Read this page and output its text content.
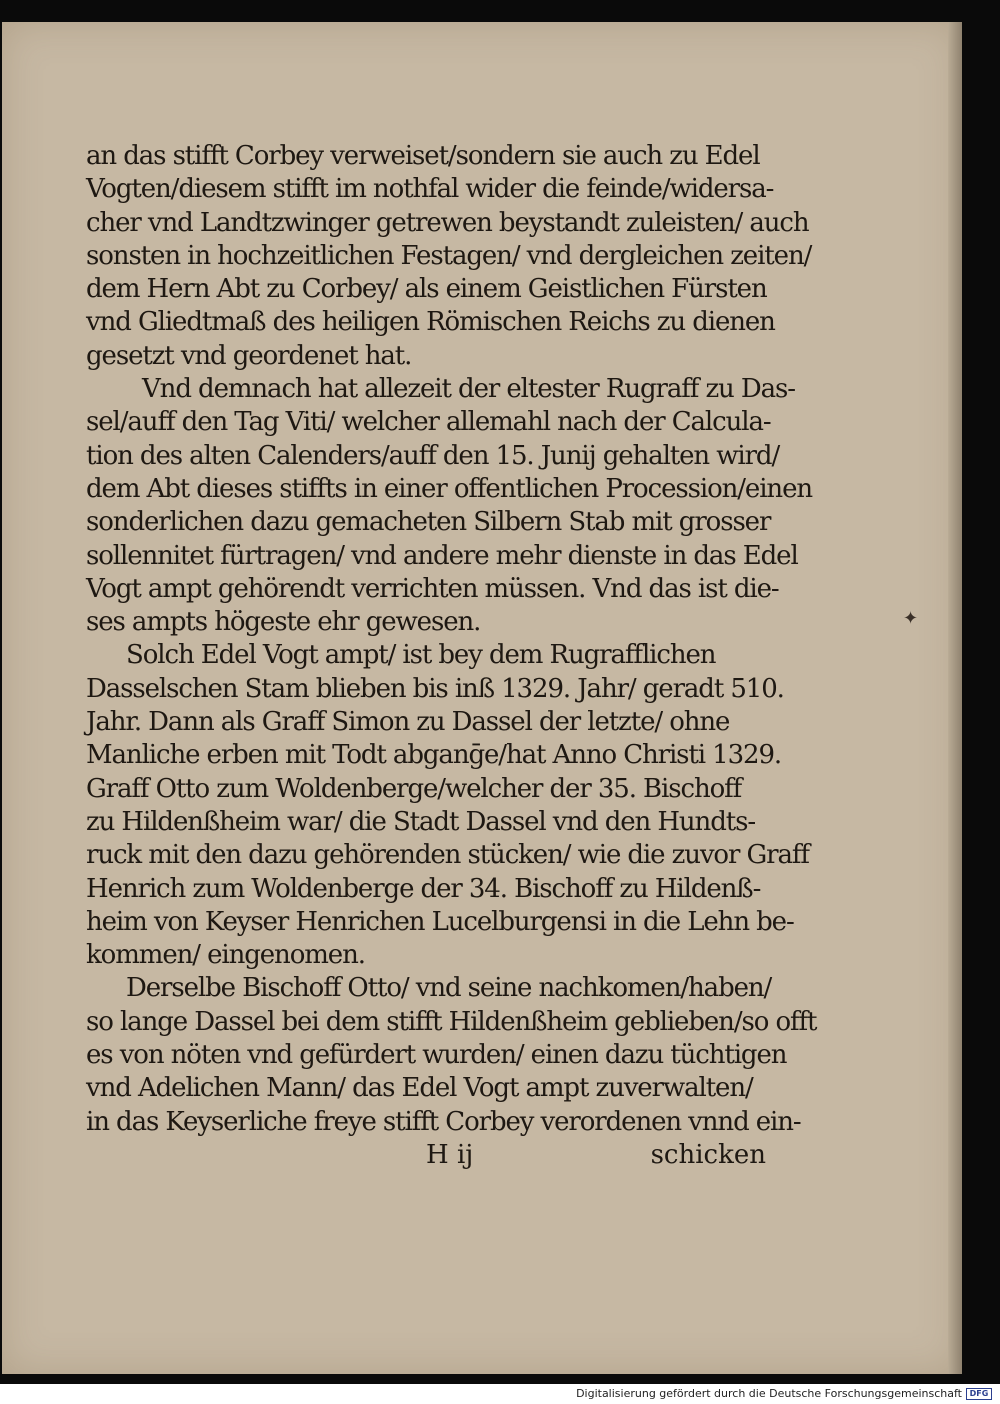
an das stifft Corbey verweiset/sondern sie auch zu Edel
Vogten/diesem stifft im nothfal wider die feinde/widersa-
cher vnd Landtzwinger getrewen beystandt zuleisten/ auch
sonsten in hochzeitlichen Festagen/ vnd dergleichen zeiten/
dem Hern Abt zu Corbey/ als einem Geistlichen Fürsten
vnd Gliedtmaß des heiligen Römischen Reichs zu dienen
gesetzt vnd geordenet hat.
Vnd demnach hat allezeit der eltester Rugraff zu Das-
sel/auff den Tag Viti/ welcher allemahl nach der Calcula-
tion des alten Calenders/auff den 15. Junij gehalten wird/
dem Abt dieses stiffts in einer offentlichen Procession/einen
sonderlichen dazu gemacheten Silbern Stab mit grosser
sollennitet fürtragen/ vnd andere mehr dienste in das Edel
Vogt ampt gehörendt verrichten müssen. Vnd das ist die-
ses ampts högeste ehr gewesen.
Solch Edel Vogt ampt/ ist bey dem Rugrafflichen
Dasselschen Stam blieben bis inß 1329. Jahr/ geradt 510.
Jahr. Dann als Graff Simon zu Dassel der letzte/ ohne
Manliche erben mit Todt abganḡe/hat Anno Christi 1329.
Graff Otto zum Woldenberge/welcher der 35. Bischoff
zu Hildenßheim war/ die Stadt Dassel vnd den Hundts-
ruck mit den dazu gehörenden stücken/ wie die zuvor Graff
Henrich zum Woldenberge der 34. Bischoff zu Hildenß-
heim von Keyser Henrichen Lucelburgensi in die Lehn be-
kommen/ eingenomen.
Derselbe Bischoff Otto/ vnd seine nachkomen/haben/
so lange Dassel bei dem stifft Hildenßheim geblieben/so offt
es von nöten vnd gefürdert wurden/ einen dazu tüchtigen
vnd Adelichen Mann/ das Edel Vogt ampt zuverwalten/
in das Keyserliche freye stifft Corbey verordenen vnnd ein-
H ij	schicken
✦
Digitalisierung gefördert durch die Deutsche Forschungsgemeinschaft DFG
